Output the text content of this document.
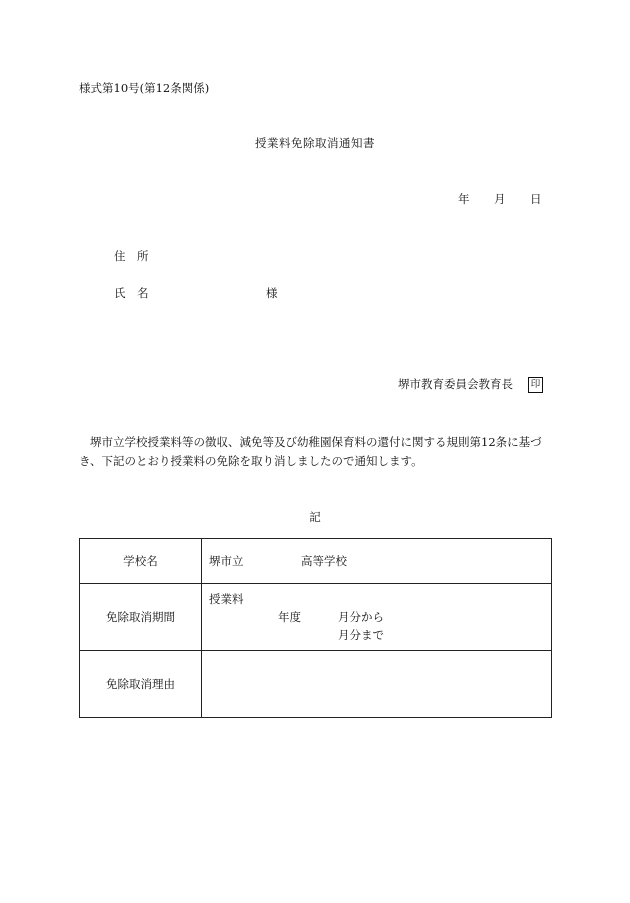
様式第10号(第12条関係)
授業料免除取消通知書
年 月 日
住　所
氏　名	様
堺市教育委員会教育長 印
堺市立学校授業料等の徴収、減免等及び幼稚園保育料の還付に関する規則第12条に基づき、下記のとおり授業料の免除を取り消しましたので通知します。
記
学校名	堺市立 高等学校

免除取消期間	授業料
年度 月分から
月分まで

免除取消理由	
